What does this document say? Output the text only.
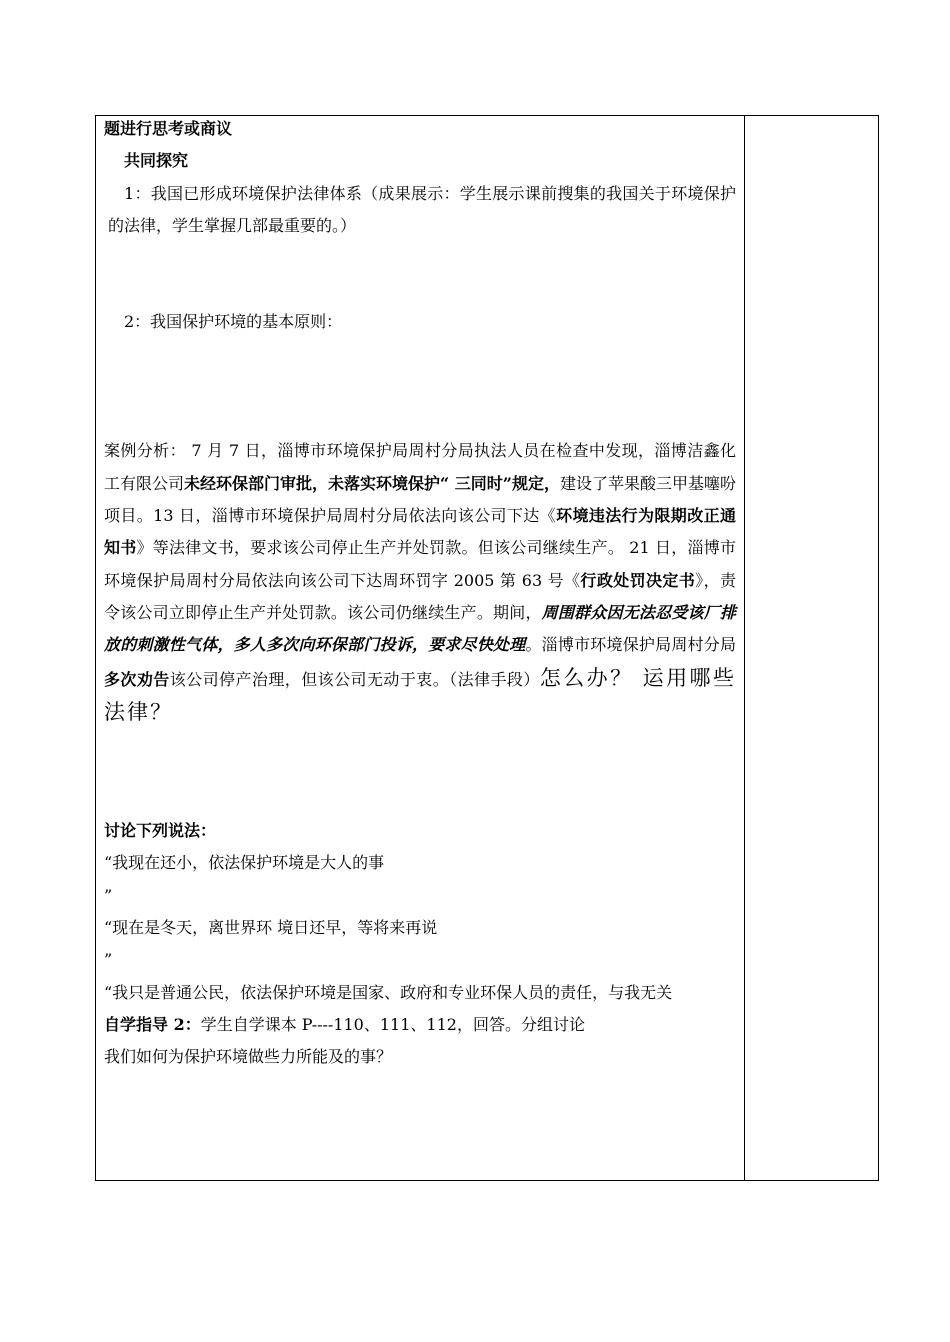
题进行思考或商议

共同探究

1：我国已形成环境保护法律体系（成果展示：学生展示课前搜集的我国关于环境保护的法律，学生掌握几部最重要的。）

2：我国保护环境的基本原则：

案例分析： 7 月 7 日，淄博市环境保护局周村分局执法人员在检查中发现，淄博洁鑫化工有限公司未经环保部门审批，未落实环境保护“ 三同时”规定，建设了苹果酸三甲基噻吩项目。13 日，淄博市环境保护局周村分局依法向该公司下达《环境违法行为限期改正通知书》等法律文书，要求该公司停止生产并处罚款。但该公司继续生产。 21 日，淄博市环境保护局周村分局依法向该公司下达周环罚字 2005 第 63 号《行政处罚决定书》，责令该公司立即停止生产并处罚款。该公司仍继续生产。期间，周围群众因无法忍受该厂排放的刺激性气体，多人多次向环保部门投诉，要求尽快处理。淄博市环境保护局周村分局多次劝告该公司停产治理，但该公司无动于衷。（法律手段）怎么办？ 运用哪些法律？

讨论下列说法：

“我现在还小，依法保护环境是大人的事

”

“现在是冬天，离世界环 境日还早，等将来再说

”

“我只是普通公民，依法保护环境是国家、政府和专业环保人员的责任，与我无关

自学指导 2：学生自学课本 P----110、111、112，回答。分组讨论

我们如何为保护环境做些力所能及的事？
